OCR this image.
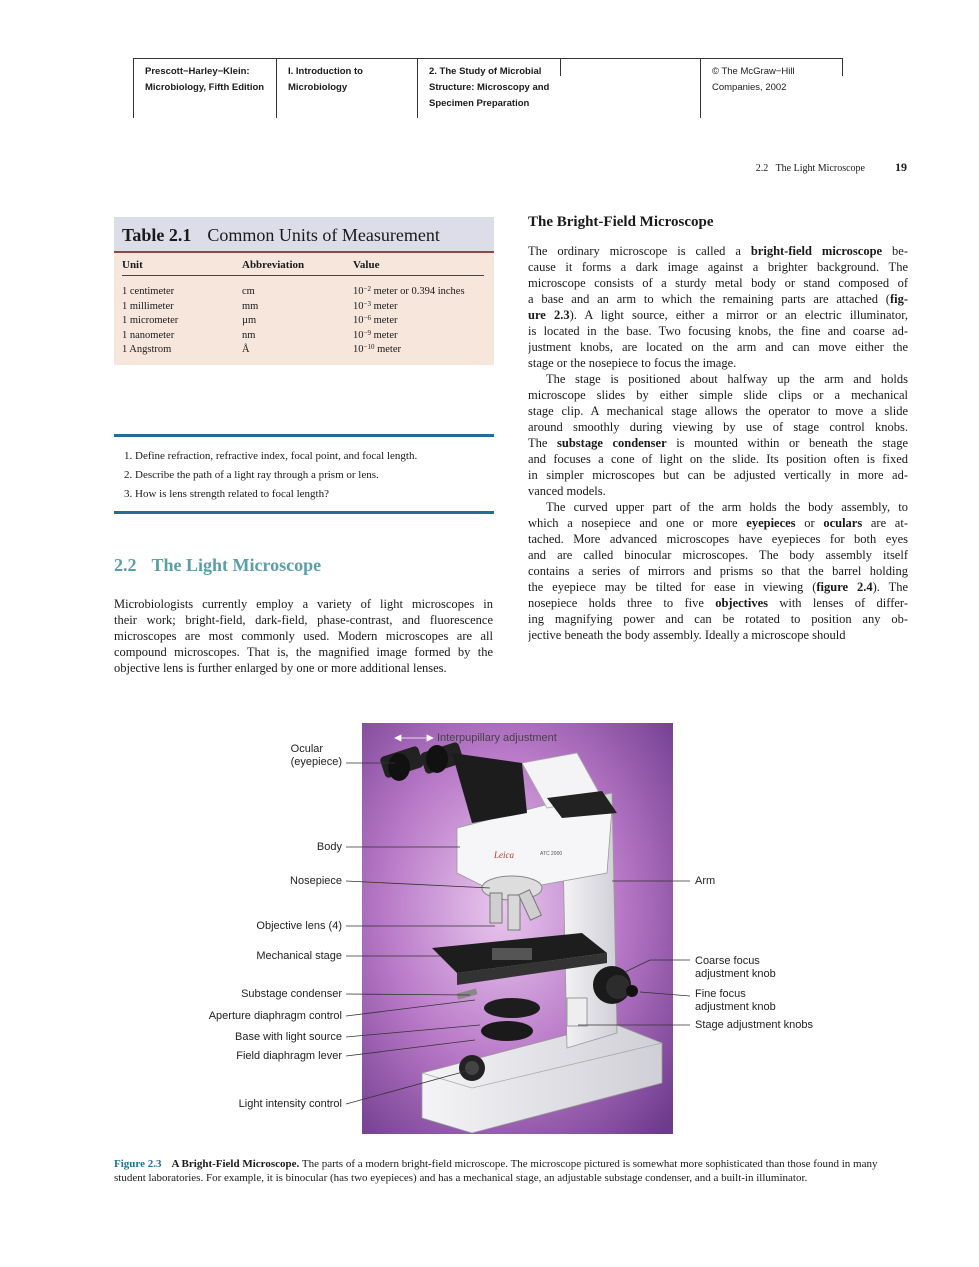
Prescott−Harley−Klein:
Microbiology, Fifth Edition
I. Introduction to
Microbiology
2. The Study of Microbial
Structure: Microscopy and
Specimen Preparation
© The McGraw−Hill
Companies, 2002
2.2   The Light Microscope	19
Table 2.1 Common Units of Measurement
Unit	Abbreviation	Value
1 centimeter	cm	$10^{-2}$ meter or 0.394 inches
1 millimeter	mm	$10^{-3}$ meter
1 micrometer	µm	$10^{-6}$ meter
1 nanometer	nm	$10^{-9}$ meter
1 Angstrom	Å	$10^{-10}$ meter
1. Define refraction, refractive index, focal point, and focal length.
2. Describe the path of a light ray through a prism or lens.
3. How is lens strength related to focal length?
2.2 The Light Microscope
Microbiologists currently employ a variety of light microscopes in
their work; bright-field, dark-field, phase-contrast, and fluorescence
microscopes are most commonly used. Modern microscopes are all
compound microscopes. That is, the magnified image formed by the
objective lens is further enlarged by one or more additional lenses.
The Bright-Field Microscope
The ordinary microscope is called a bright-field microscope be-
cause it forms a dark image against a brighter background. The
microscope consists of a sturdy metal body or stand composed of
a base and an arm to which the remaining parts are attached (fig-
ure 2.3). A light source, either a mirror or an electric illuminator,
is located in the base. Two focusing knobs, the fine and coarse ad-
justment knobs, are located on the arm and can move either the
stage or the nosepiece to focus the image.
The stage is positioned about halfway up the arm and holds
microscope slides by either simple slide clips or a mechanical
stage clip. A mechanical stage allows the operator to move a slide
around smoothly during viewing by use of stage control knobs.
The substage condenser is mounted within or beneath the stage
and focuses a cone of light on the slide. Its position often is fixed
in simpler microscopes but can be adjusted vertically in more ad-
vanced models.
The curved upper part of the arm holds the body assembly, to
which a nosepiece and one or more eyepieces or oculars are at-
tached. More advanced microscopes have eyepieces for both eyes
and are called binocular microscopes. The body assembly itself
contains a series of mirrors and prisms so that the barrel holding
the eyepiece may be tilted for ease in viewing (figure 2.4). The
nosepiece holds three to five objectives with lenses of differ-
ing magnifying power and can be rotated to position any ob-
jective beneath the body assembly. Ideally a microscope should
Leica	ATC 2000
Ocular
(eyepiece)
Body
Nosepiece
Objective lens (4)
Mechanical stage
Substage condenser
Aperture diaphragm control
Base with light source
Field diaphragm lever
Light intensity control
Interpupillary adjustment
Arm
Coarse focus
adjustment knob
Fine focus
adjustment knob
Stage adjustment knobs
Figure 2.3 A Bright-Field Microscope. The parts of a modern bright-field microscope. The microscope pictured is somewhat more sophisticated than those found in many student laboratories. For example, it is binocular (has two eyepieces) and has a mechanical stage, an adjustable substage condenser, and a built-in illuminator.
